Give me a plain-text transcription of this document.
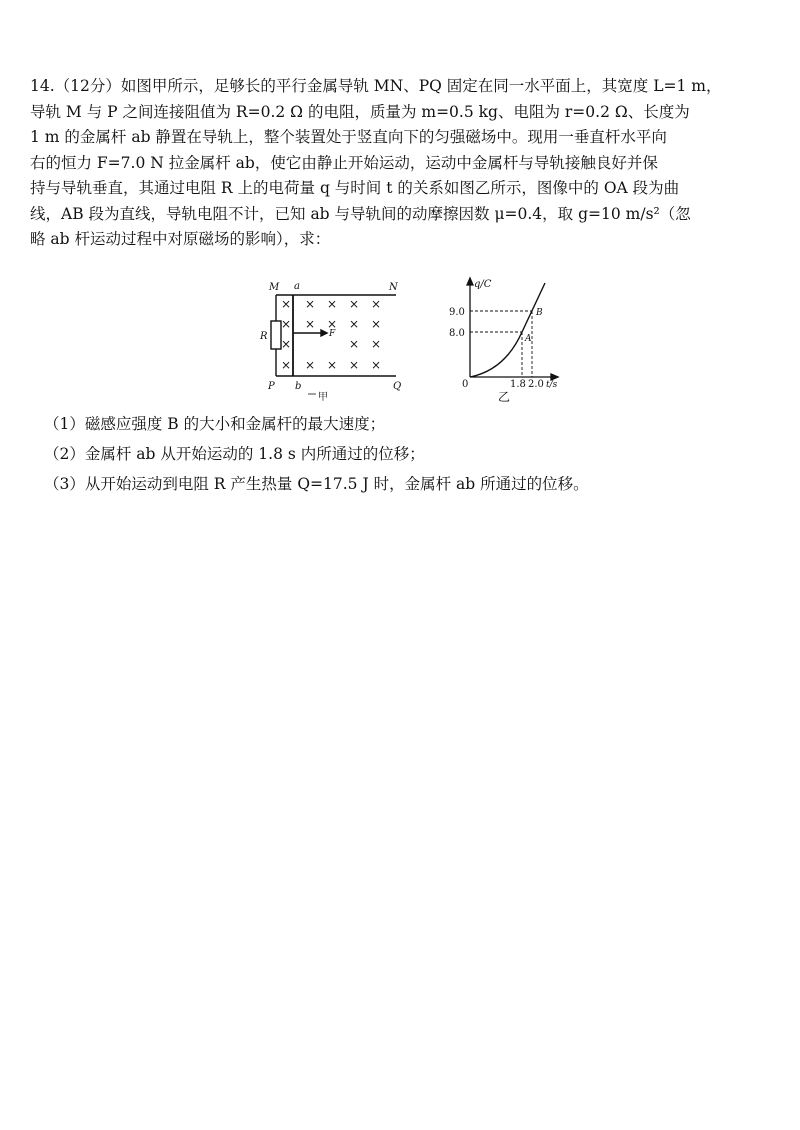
14.（12分）如图甲所示，足够长的平行金属导轨 MN、PQ 固定在同一水平面上，其宽度 L=1 m，
导轨 M 与 P 之间连接阻值为 R=0.2 Ω 的电阻，质量为 m=0.5 kg、电阻为 r=0.2 Ω、长度为
1 m 的金属杆 ab 静置在导轨上，整个装置处于竖直向下的匀强磁场中。现用一垂直杆水平向
右的恒力 F=7.0 N 拉金属杆 ab，使它由静止开始运动，运动中金属杆与导轨接触良好并保
持与导轨垂直，其通过电阻 R 上的电荷量 q 与时间 t 的关系如图乙所示，图像中的 OA 段为曲
线，AB 段为直线，导轨电阻不计，已知 ab 与导轨间的动摩擦因数 μ=0.4，取 g=10 m/s²（忽
略 ab 杆运动过程中对原磁场的影响），求：
×
×
×
×
× × × ×
× × × ×
× ×
× × × ×
M	N
P	Q
a
b
R	F
甲
q/C
9.0
8.0
0	1.8 2.0 t/s
A
B
乙
（1）磁感应强度 B 的大小和金属杆的最大速度；
（2）金属杆 ab 从开始运动的 1.8 s 内所通过的位移；
（3）从开始运动到电阻 R 产生热量 Q=17.5 J 时，金属杆 ab 所通过的位移。
